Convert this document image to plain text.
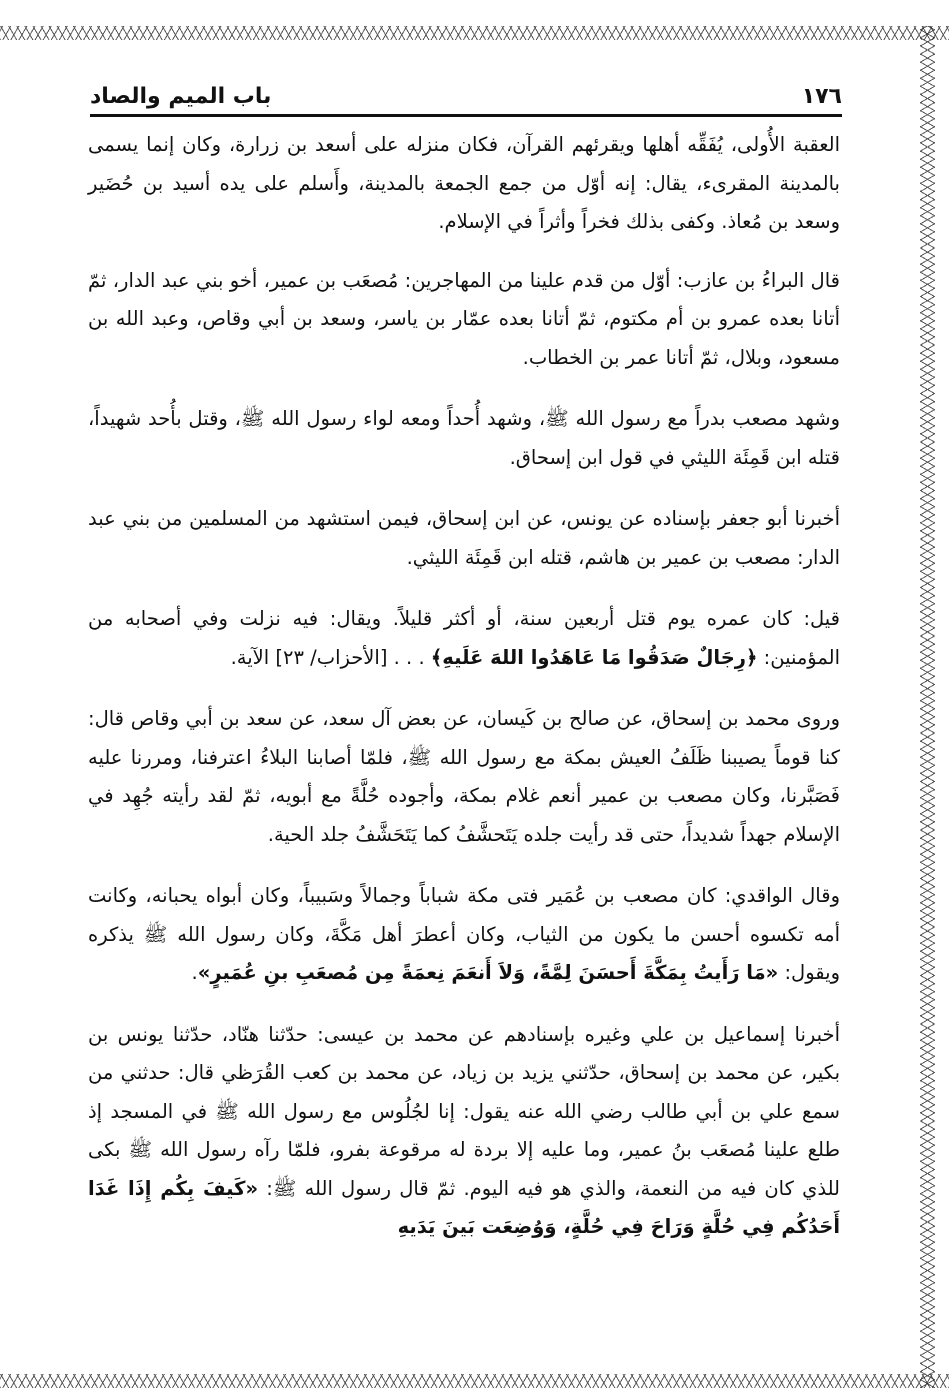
١٧٦
باب الميم والصاد

العقبة الأُولى، يُفَقِّه أهلها ويقرئهم القرآن، فكان منزله على أسعد بن زرارة، وكان إنما يسمى بالمدينة المقرىء، يقال: إنه أوّل من جمع الجمعة بالمدينة، وأَسلم على يده أسيد بن حُضَير وسعد بن مُعاذ. وكفى بذلك فخراً وأثراً في الإسلام.

قال البراءُ بن عازب: أوّل من قدم علينا من المهاجرين: مُصعَب بن عمير، أخو بني عبد الدار، ثمّ أتانا بعده عمرو بن أم مكتوم، ثمّ أتانا بعده عمّار بن ياسر، وسعد بن أبي وقاص، وعبد الله بن مسعود، وبلال، ثمّ أتانا عمر بن الخطاب.

وشهد مصعب بدراً مع رسول الله ﷺ، وشهد أُحداً ومعه لواء رسول الله ﷺ، وقتل بأُحد شهيداً، قتله ابن قَمِئَة الليثي في قول ابن إسحاق.

أخبرنا أبو جعفر بإسناده عن يونس، عن ابن إسحاق، فيمن استشهد من المسلمين من بني عبد الدار: مصعب بن عمير بن هاشم، قتله ابن قَمِئَة الليثي.

قيل: كان عمره يوم قتل أربعين سنة، أو أكثر قليلاً. ويقال: فيه نزلت وفي أصحابه من المؤمنين: ﴿رِجَالٌ صَدَقُوا مَا عَاهَدُوا اللهَ عَلَيهِ﴾ . . . [الأحزاب/ ٢٣] الآية.

وروى محمد بن إسحاق، عن صالح بن كَيسان، عن بعض آل سعد، عن سعد بن أبي وقاص قال: كنا قوماً يصيبنا ظَلَفُ العيش بمكة مع رسول الله ﷺ، فلمّا أصابنا البلاءُ اعترفنا، ومررنا عليه فَصَبَّرنا، وكان مصعب بن عمير أنعم غلام بمكة، وأجوده حُلَّةً مع أبويه، ثمّ لقد رأيته جُهِد في الإسلام جهداً شديداً، حتى قد رأيت جلده يَتَحشَّفُ كما يَتَحَشَّفُ جلد الحية.

وقال الواقدي: كان مصعب بن عُمَير فتى مكة شباباً وجمالاً وسَبيباً، وكان أبواه يحبانه، وكانت أمه تكسوه أحسن ما يكون من الثياب، وكان أعطرَ أهل مَكَّةَ، وكان رسول الله ﷺ يذكره ويقول: «مَا رَأَيتُ بِمَكَّةَ أَحسَنَ لِمَّةً، وَلاَ أَنعَمَ نِعمَةً مِن مُصعَبِ بنِ عُمَيرٍ».

أخبرنا إسماعيل بن علي وغيره بإسنادهم عن محمد بن عيسى: حدّثنا هنّاد، حدّثنا يونس بن بكير، عن محمد بن إسحاق، حدّثني يزيد بن زياد، عن محمد بن كعب القُرَظي قال: حدثني من سمع علي بن أبي طالب رضي الله عنه يقول: إنا لجُلُوس مع رسول الله ﷺ في المسجد إذ طلع علينا مُصعَب بنُ عمير، وما عليه إلا بردة له مرقوعة بفرو، فلمّا رآه رسول الله ﷺ بكى للذي كان فيه من النعمة، والذي هو فيه اليوم. ثمّ قال رسول الله ﷺ: «كَيفَ بِكُم إِذَا غَدَا أَحَدُكُم فِي حُلَّةٍ وَرَاحَ فِي حُلَّةٍ، وَوُضِعَت بَينَ يَدَيهِ
